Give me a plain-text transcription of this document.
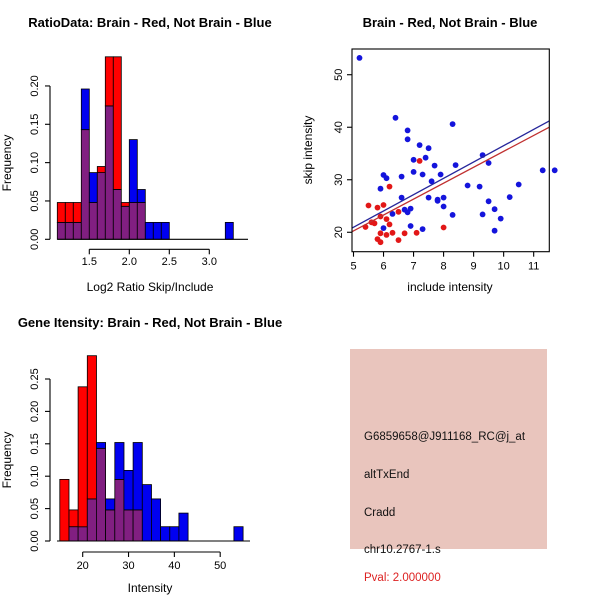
RatioData: Brain - Red, Not Brain - Blue
Log2 Ratio Skip/Include
Frequency
0.00
0.05
0.10
0.15
0.20
1.5 2.0 2.5 3.0
Brain - Red, Not Brain - Blue
include intensity
skip intensity
5 6 7 8 9 10 11
20
30
40
50
Gene Itensity: Brain - Red, Not Brain - Blue
Intensity
Frequency
0.00
0.05
0.10
0.15
0.20
0.25
20	30	40	50
G6859658@J911168_RC@j_at
altTxEnd
Cradd
chr10.2767-1.s
Pval: 2.000000
